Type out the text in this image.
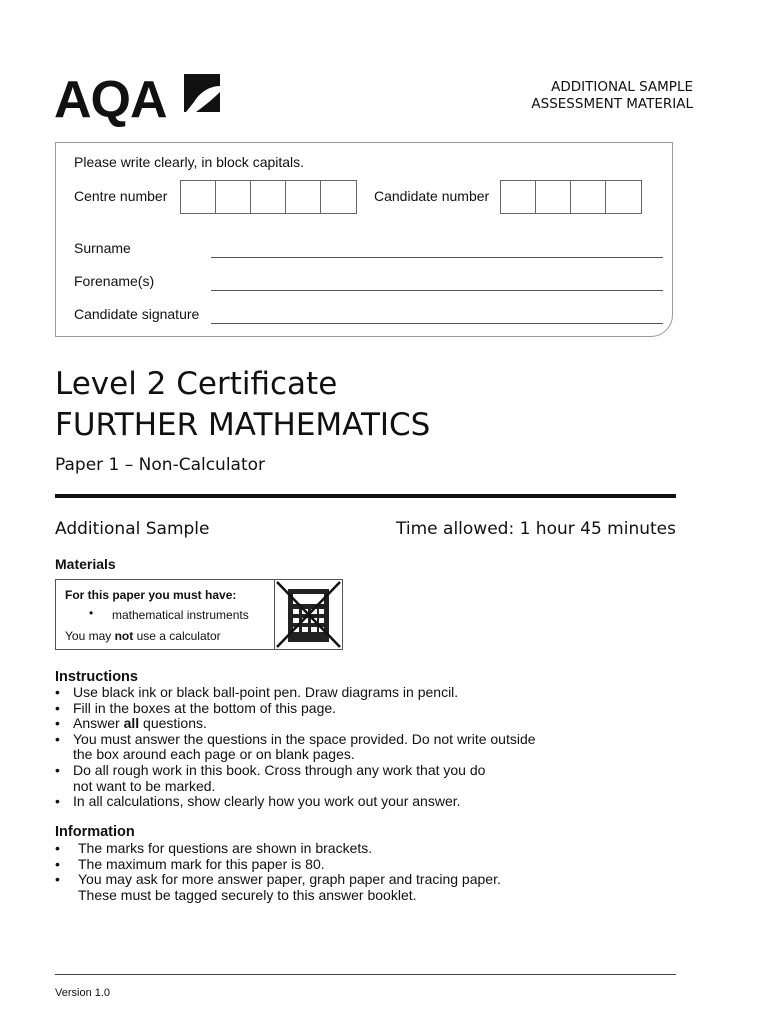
AQA	ADDITIONAL SAMPLE
ASSESSMENT MATERIAL
Please write clearly, in block capitals.
Centre number	Candidate number
Surname
Forename(s)
Candidate signature
Level 2 Certificate
FURTHER MATHEMATICS
Paper 1 – Non-Calculator
Additional Sample	Time allowed: 1 hour 45 minutes
Materials
For this paper you must have:
• mathematical instruments
You may not use a calculator
Instructions
• Use black ink or black ball-point pen. Draw diagrams in pencil.
• Fill in the boxes at the bottom of this page.
• Answer all questions.
• You must answer the questions in the space provided. Do not write outside
the box around each page or on blank pages.
• Do all rough work in this book. Cross through any work that you do
not want to be marked.
• In all calculations, show clearly how you work out your answer.
Information
• The marks for questions are shown in brackets.
• The maximum mark for this paper is 80.
• You may ask for more answer paper, graph paper and tracing paper.
These must be tagged securely to this answer booklet.
Version 1.0
